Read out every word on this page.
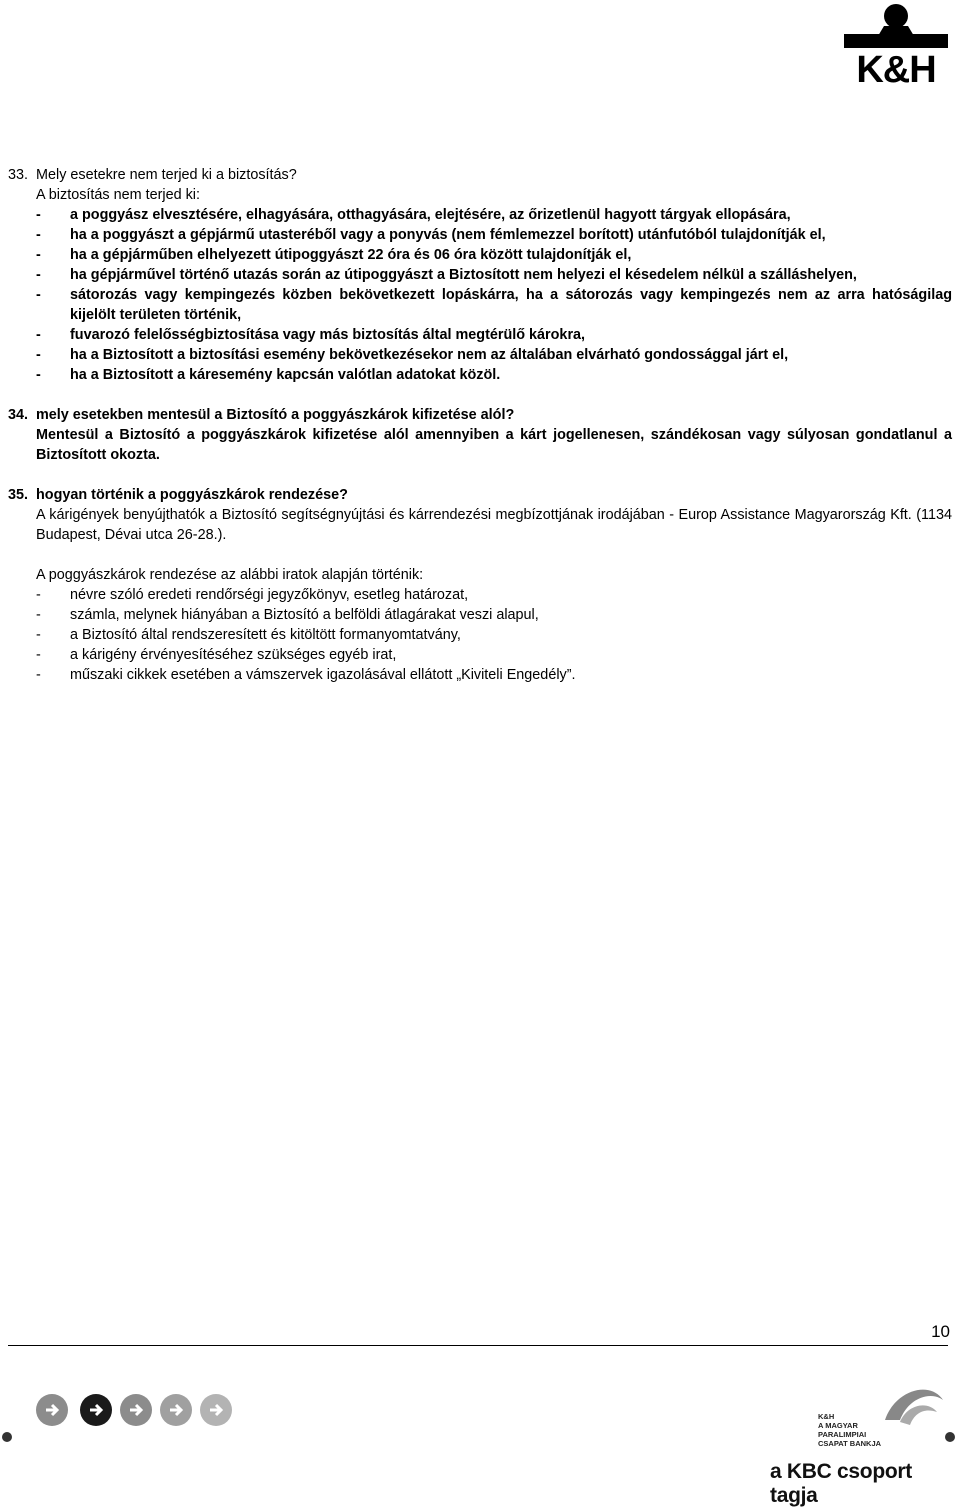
K&H
33. Mely esetekre nem terjed ki a biztosítás?
A biztosítás nem terjed ki:
- a poggyász elvesztésére, elhagyására, otthagyására, elejtésére, az őrizetlenül hagyott tárgyak ellopására,
- ha a poggyászt a gépjármű utasteréből vagy a ponyvás (nem fémlemezzel borított) utánfutóból tulajdonítják el,
- ha a gépjárműben elhelyezett útipoggyászt 22 óra és 06 óra között tulajdonítják el,
- ha gépjárművel történő utazás során az útipoggyászt a Biztosított nem helyezi el késedelem nélkül a szálláshelyen,
- sátorozás vagy kempingezés közben bekövetkezett lopáskárra, ha a sátorozás vagy kempingezés nem az arra hatóságilag kijelölt területen történik,
- fuvarozó felelősségbiztosítása vagy más biztosítás által megtérülő károkra,
- ha a Biztosított a biztosítási esemény bekövetkezésekor nem az általában elvárható gondossággal járt el,
- ha a Biztosított a káresemény kapcsán valótlan adatokat közöl.
34. mely esetekben mentesül a Biztosító a poggyászkárok kifizetése alól?
Mentesül a Biztosító a poggyászkárok kifizetése alól amennyiben a kárt jogellenesen, szándékosan vagy súlyosan gondatlanul a Biztosított okozta.
35. hogyan történik a poggyászkárok rendezése?
A kárigények benyújthatók a Biztosító segítségnyújtási és kárrendezési megbízottjának irodájában - Europ Assistance Magyarország Kft. (1134 Budapest, Dévai utca 26-28.).
A poggyászkárok rendezése az alábbi iratok alapján történik:
- névre szóló eredeti rendőrségi jegyzőkönyv, esetleg határozat,
- számla, melynek hiányában a Biztosító a belföldi átlagárakat veszi alapul,
- a Biztosító által rendszeresített és kitöltött formanyomtatvány,
- a kárigény érvényesítéséhez szükséges egyéb irat,
- műszaki cikkek esetében a vámszervek igazolásával ellátott „Kiviteli Engedély”.
10
K&H
A MAGYAR
PARALIMPIAI
CSAPAT BANKJA
a KBC csoport tagja
